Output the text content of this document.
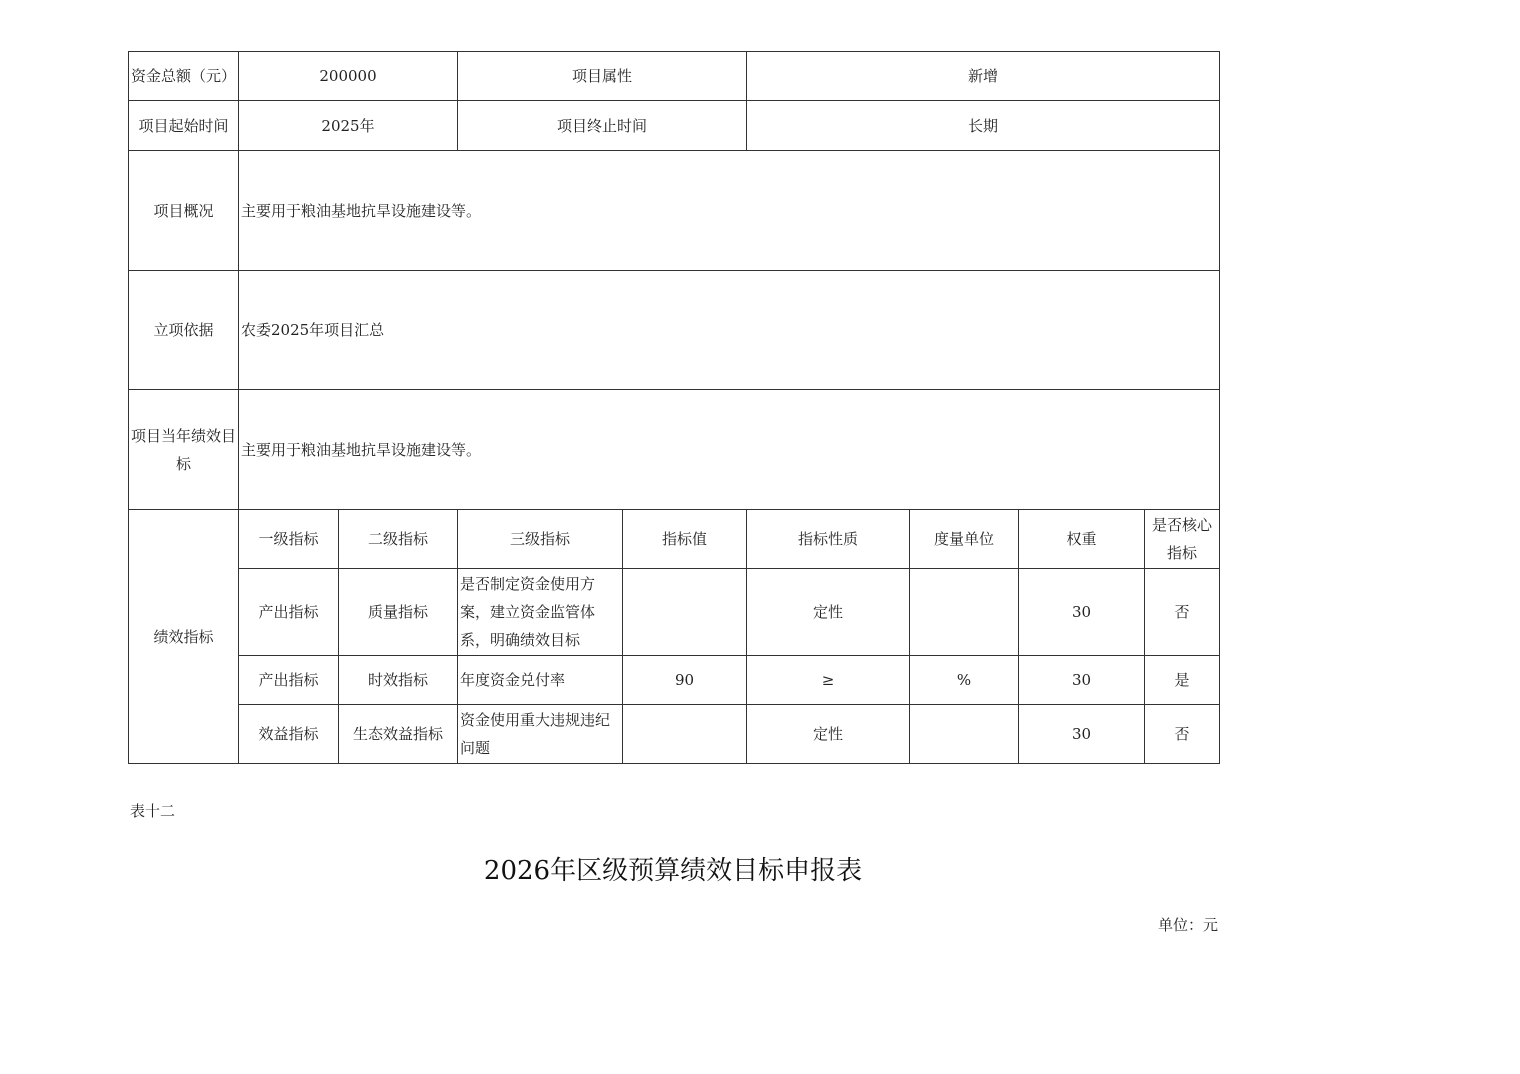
资金总额（元）	200000		项目属性		新增			
项目起始时间	2025年		项目终止时间		长期			
项目概况	主要用于粮油基地抗旱设施建设等。							
立项依据	农委2025年项目汇总							
项目当年绩效目标	主要用于粮油基地抗旱设施建设等。							
绩效指标	一级指标	二级指标	三级指标	指标值	指标性质	度量单位	权重	是否核心指标
	产出指标	质量指标	是否制定资金使用方案，建立资金监管体系，明确绩效目标		定性		30	否
	产出指标	时效指标	年度资金兑付率	90	≥	%	30	是
	效益指标	生态效益指标	资金使用重大违规违纪问题		定性		30	否
表十二
2026年区级预算绩效目标申报表
单位：元
